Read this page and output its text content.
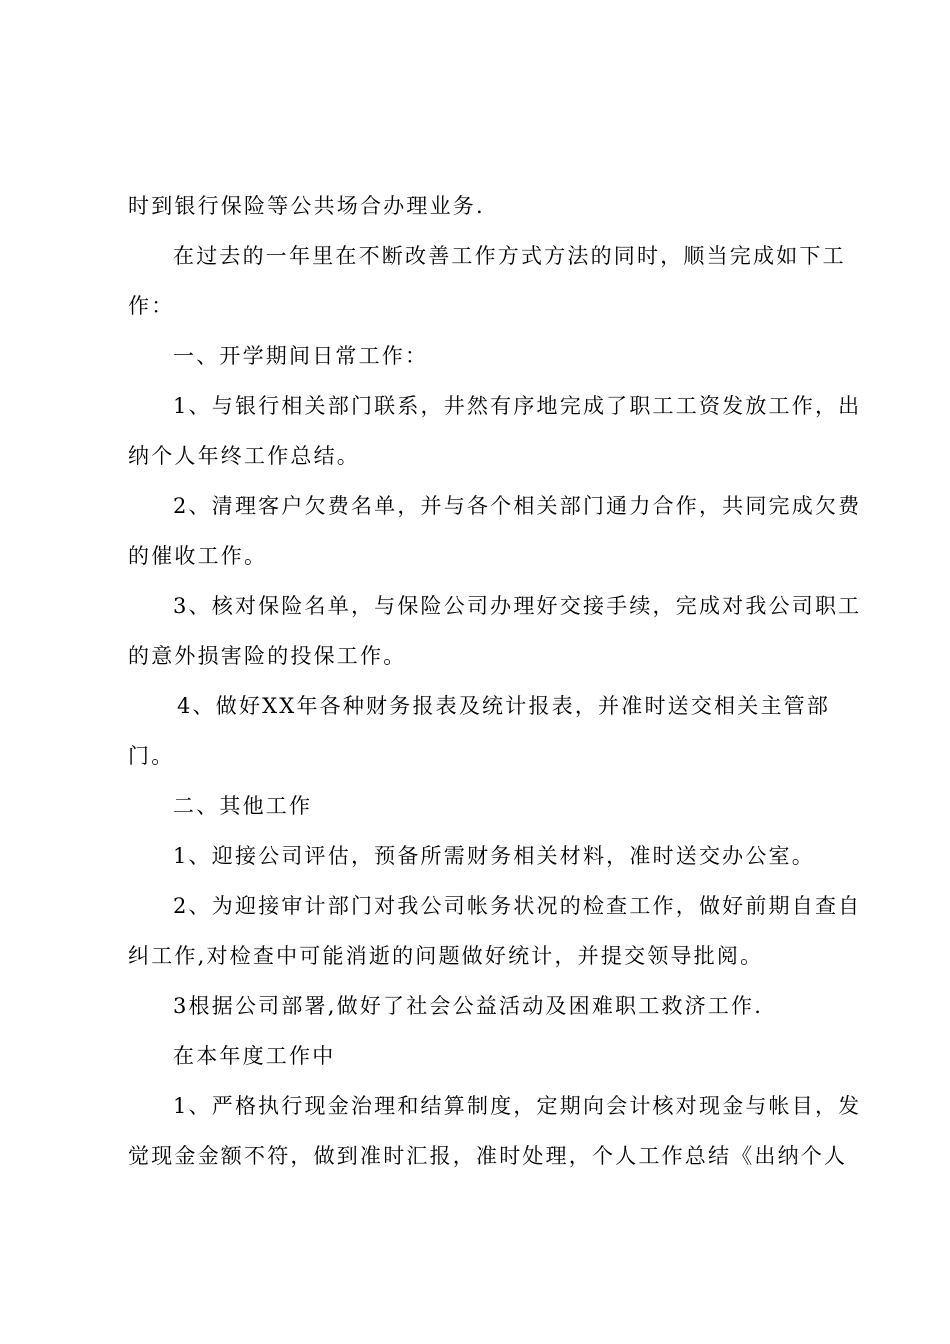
时到银行保险等公共场合办理业务.
在过去的一年里在不断改善工作方式方法的同时，顺当完成如下工
作：
一、开学期间日常工作：
1、与银行相关部门联系，井然有序地完成了职工工资发放工作，出
纳个人年终工作总结。
2、清理客户欠费名单，并与各个相关部门通力合作，共同完成欠费
的催收工作。
3、核对保险名单，与保险公司办理好交接手续，完成对我公司职工
的意外损害险的投保工作。
4、做好XX年各种财务报表及统计报表，并准时送交相关主管部
门。
二、其他工作
1、迎接公司评估，预备所需财务相关材料，准时送交办公室。
2、为迎接审计部门对我公司帐务状况的检查工作，做好前期自查自
纠工作,对检查中可能消逝的问题做好统计，并提交领导批阅。
3根据公司部署,做好了社会公益活动及困难职工救济工作.
在本年度工作中
1、严格执行现金治理和结算制度，定期向会计核对现金与帐目，发
觉现金金额不符，做到准时汇报，准时处理，个人工作总结《出纳个人
